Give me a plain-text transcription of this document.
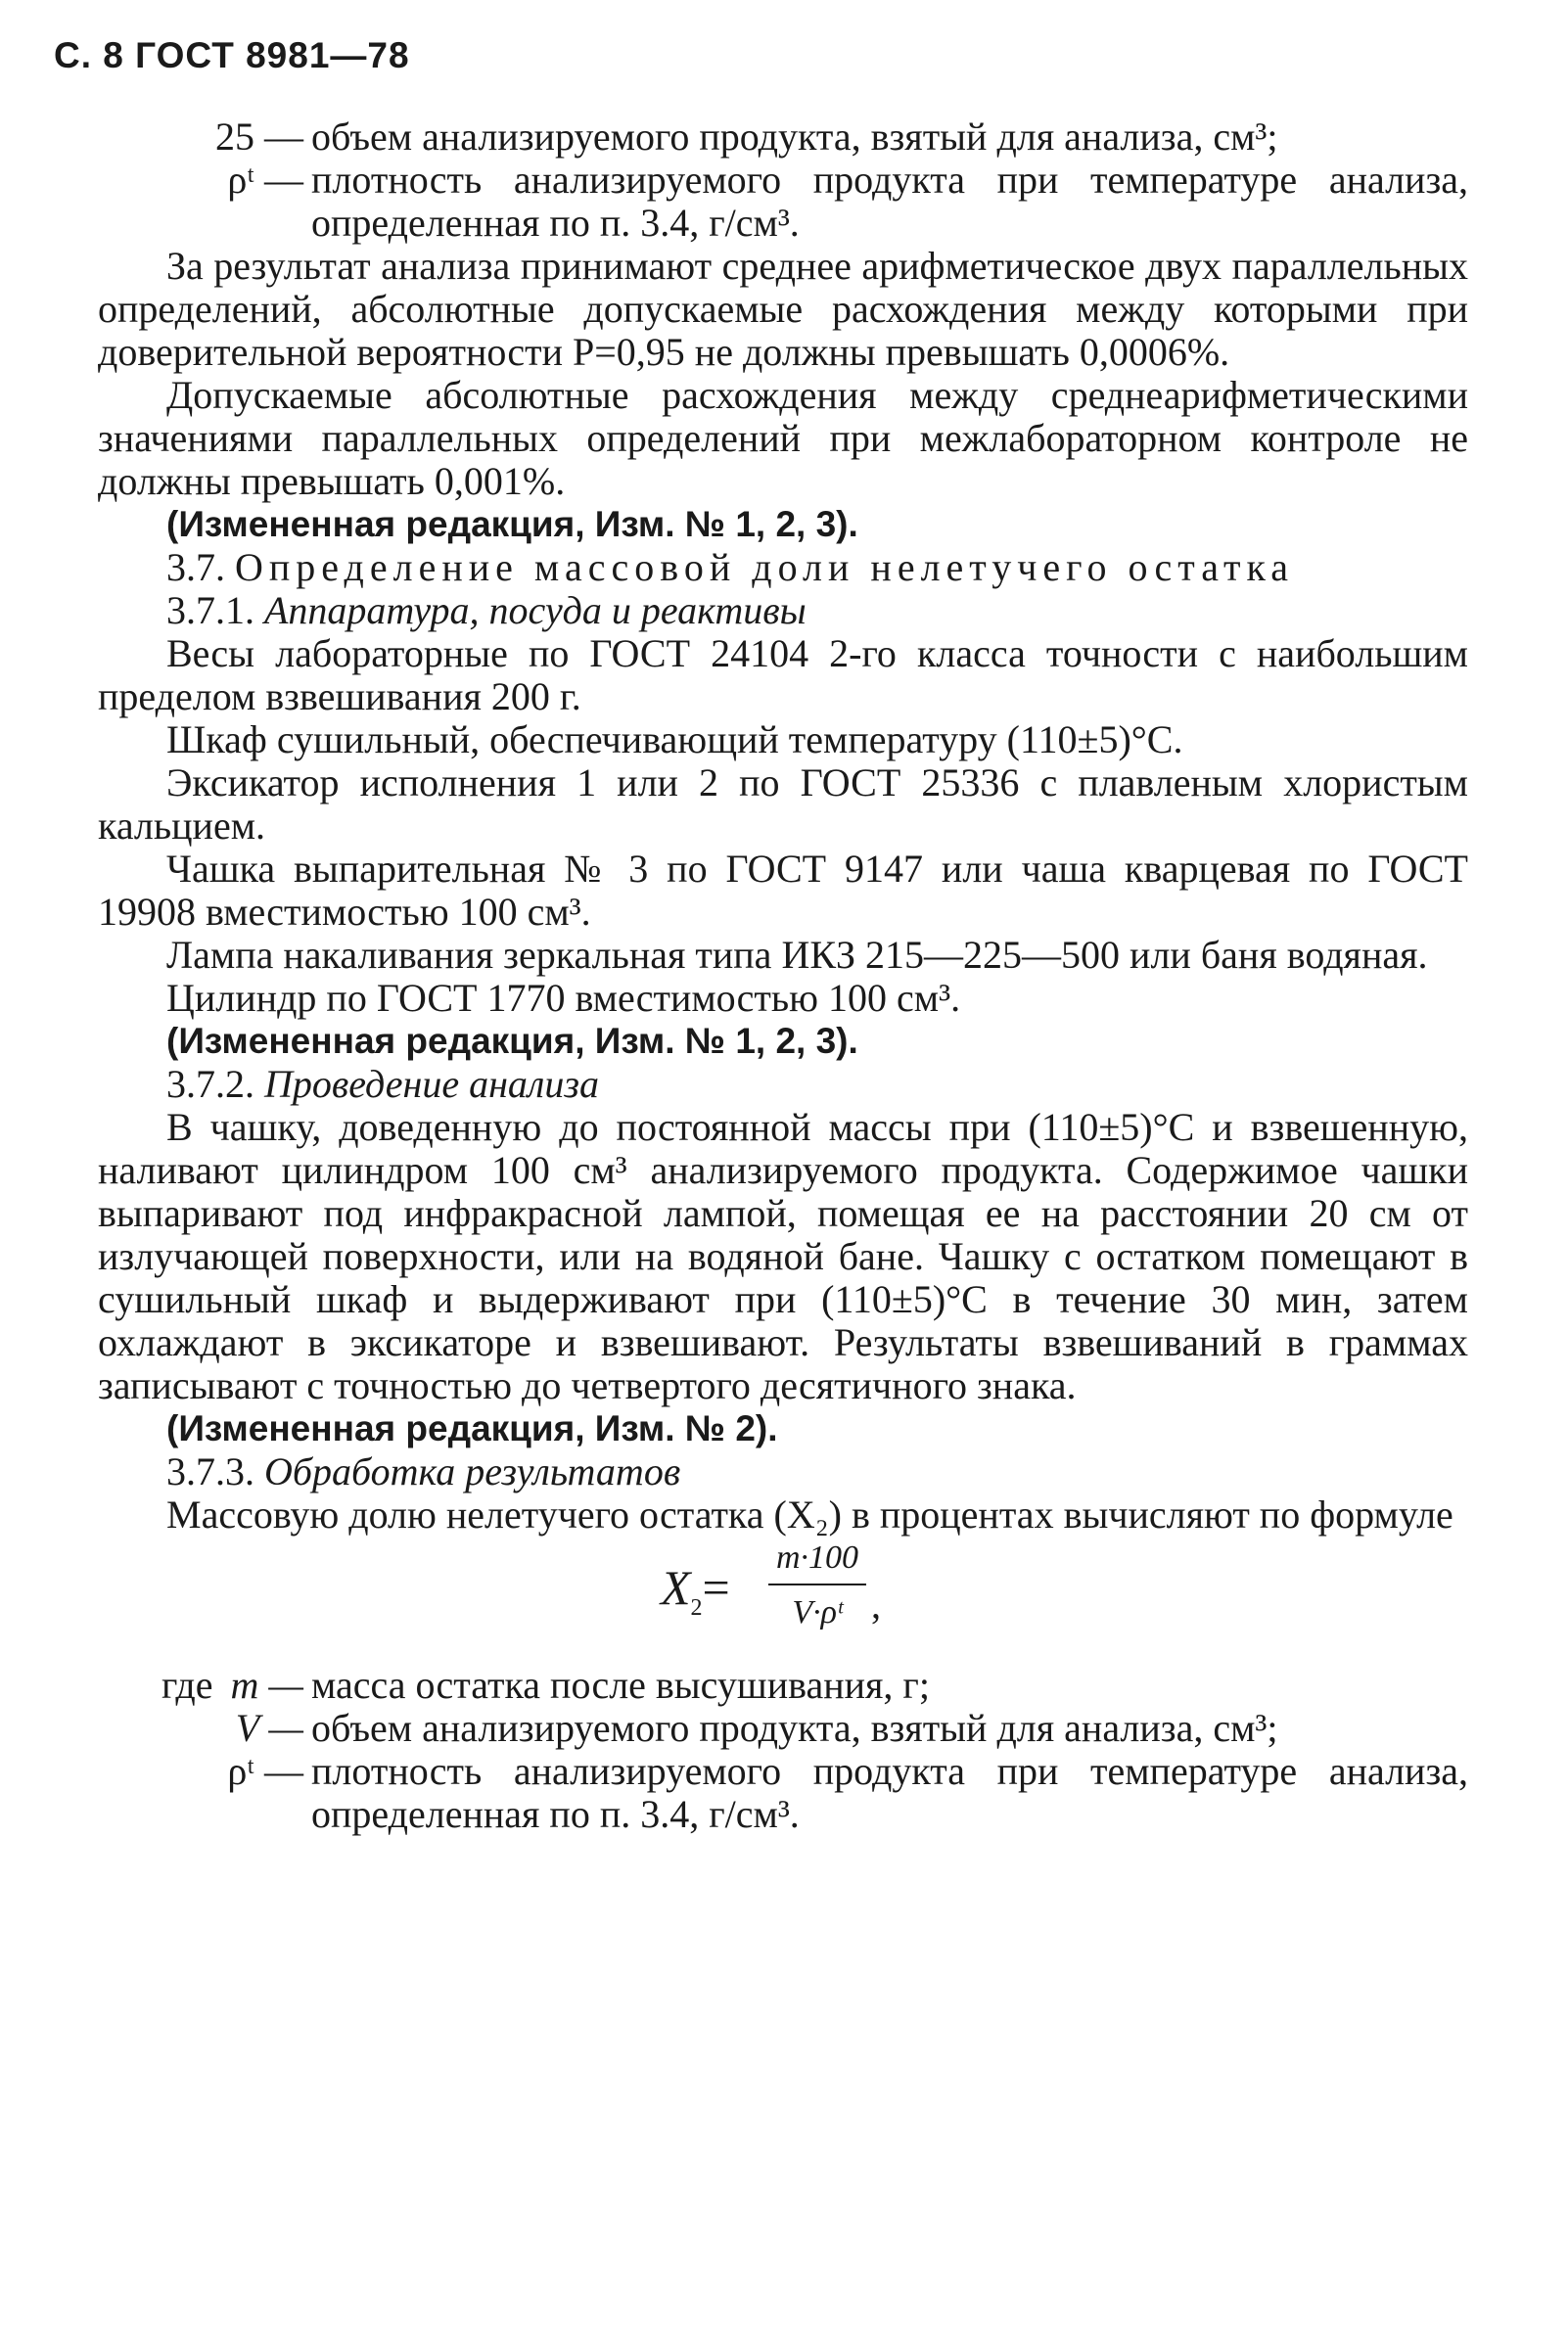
С. 8 ГОСТ 8981—78
25 — объем анализируемого продукта, взятый для анализа, см³;
ρᵗ — плотность анализируемого продукта при температуре анализа, определенная по п. 3.4, г/см³.

За результат анализа принимают среднее арифметическое двух параллельных определений, абсолютные допускаемые расхождения между которыми при доверительной вероятности P=0,95 не должны превышать 0,0006%.

Допускаемые абсолютные расхождения между среднеарифметическими значениями параллельных определений при межлабораторном контроле не должны превышать 0,001%.

(Измененная редакция, Изм. № 1, 2, 3).

3.7. Определение массовой доли нелетучего остатка

3.7.1. Аппаратура, посуда и реактивы

Весы лабораторные по ГОСТ 24104 2-го класса точности с наибольшим пределом взвешивания 200 г.

Шкаф сушильный, обеспечивающий температуру (110±5)°С.

Эксикатор исполнения 1 или 2 по ГОСТ 25336 с плавленым хлористым кальцием.

Чашка выпарительная № 3 по ГОСТ 9147 или чаша кварцевая по ГОСТ 19908 вместимостью 100 см³.

Лампа накаливания зеркальная типа ИКЗ 215—225—500 или баня водяная.

Цилиндр по ГОСТ 1770 вместимостью 100 см³.

(Измененная редакция, Изм. № 1, 2, 3).

3.7.2. Проведение анализа

В чашку, доведенную до постоянной массы при (110±5)°С и взвешенную, наливают цилиндром 100 см³ анализируемого продукта. Содержимое чашки выпаривают под инфракрасной лампой, помещая ее на расстоянии 20 см от излучающей поверхности, или на водяной бане. Чашку с остатком помещают в сушильный шкаф и выдерживают при (110±5)°С в течение 30 мин, затем охлаждают в эксикаторе и взвешивают. Результаты взвешиваний в граммах записывают с точностью до четвертого десятичного знака.

(Измененная редакция, Изм. № 2).

3.7.3. Обработка результатов

Массовую долю нелетучего остатка (X₂) в процентах вычисляют по формуле

$X_2= \frac{m\cdot 100}{\text{V·ρᵗ}}$ ,
где m — масса остатка после высушивания, г;
V — объем анализируемого продукта, взятый для анализа, см³;
ρᵗ — плотность анализируемого продукта при температуре анализа, определенная по п. 3.4, г/см³.
